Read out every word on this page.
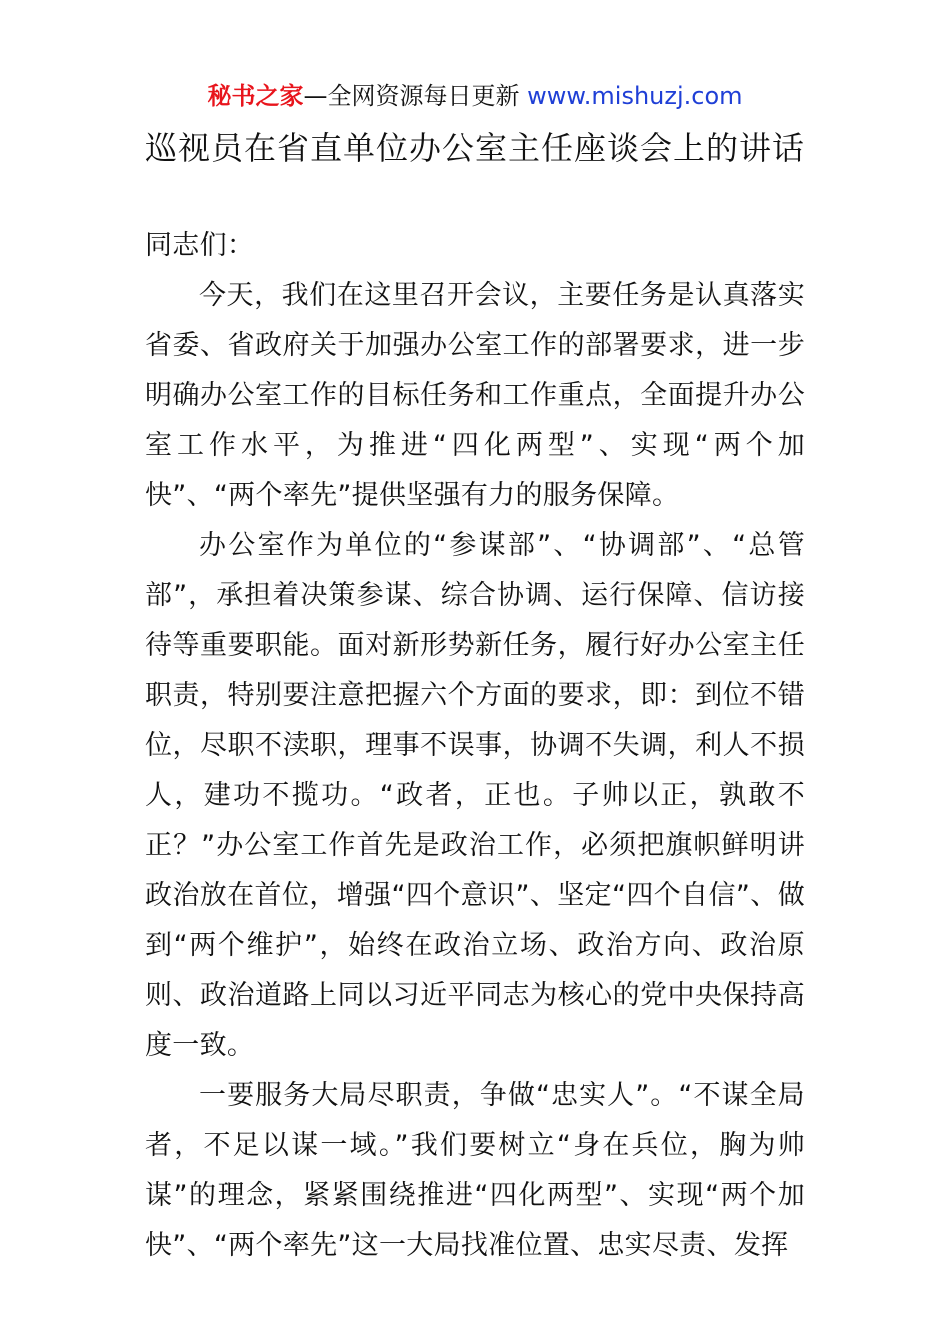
秘书之家—全网资源每日更新 www.mishuzj.com
巡视员在省直单位办公室主任座谈会上的讲话

同志们：

今天，我们在这里召开会议，主要任务是认真落实省委、省政府关于加强办公室工作的部署要求，进一步明确办公室工作的目标任务和工作重点，全面提升办公室工作水平，为推进“四化两型”、实现“两个加快”、“两个率先”提供坚强有力的服务保障。

办公室作为单位的“参谋部”、“协调部”、“总管部”，承担着决策参谋、综合协调、运行保障、信访接待等重要职能。面对新形势新任务，履行好办公室主任职责，特别要注意把握六个方面的要求，即：到位不错位，尽职不渎职，理事不误事，协调不失调，利人不损人，建功不揽功。“政者，正也。子帅以正，孰敢不正？”办公室工作首先是政治工作，必须把旗帜鲜明讲政治放在首位，增强“四个意识”、坚定“四个自信”、做到“两个维护”，始终在政治立场、政治方向、政治原则、政治道路上同以习近平同志为核心的党中央保持高度一致。

一要服务大局尽职责，争做“忠实人”。“不谋全局者，不足以谋一域。”我们要树立“身在兵位，胸为帅谋”的理念，紧紧围绕推进“四化两型”、实现“两个加快”、“两个率先”这一大局找准位置、忠实尽责、发挥
